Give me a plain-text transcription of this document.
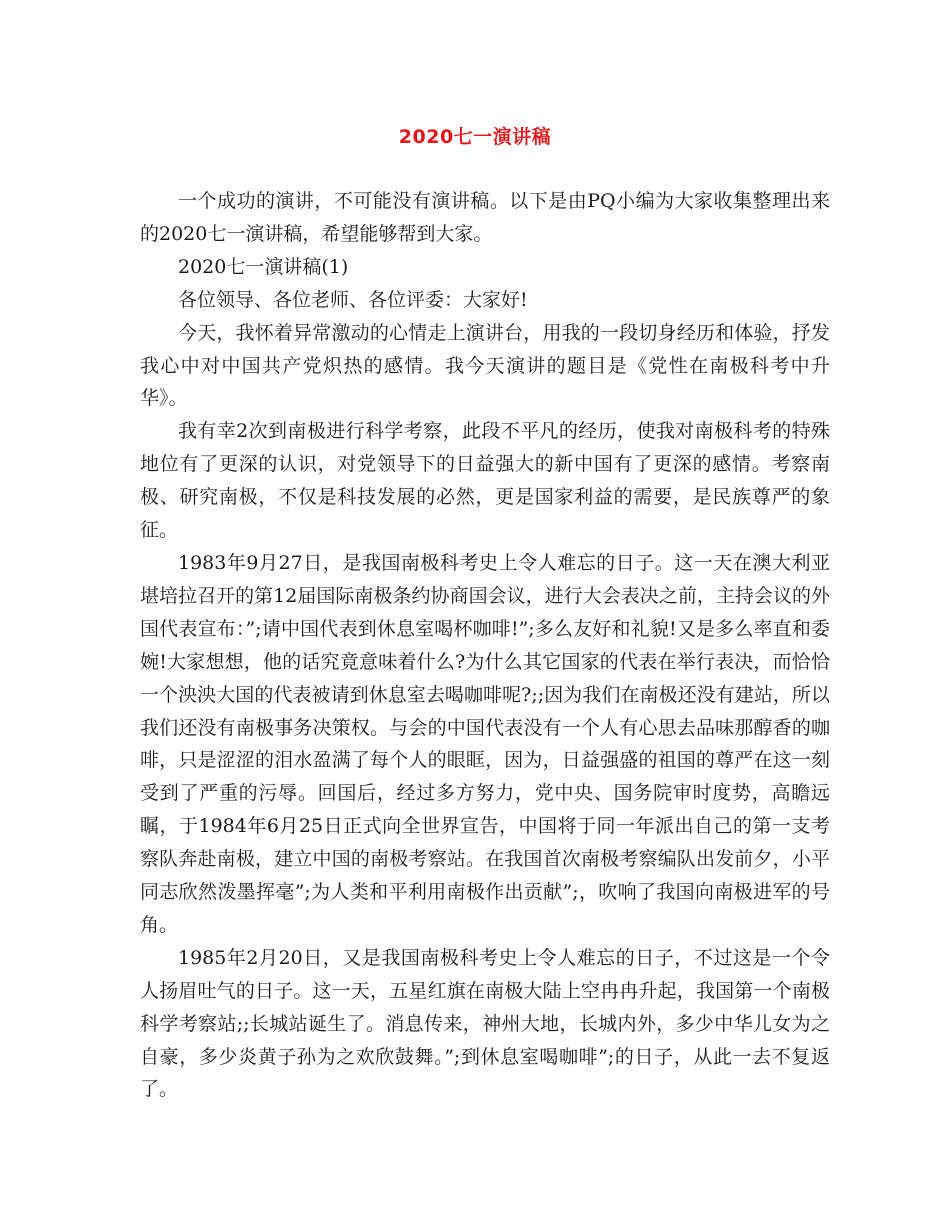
2020七一演讲稿

一个成功的演讲，不可能没有演讲稿。以下是由PQ小编为大家收集整理出来的2020七一演讲稿，希望能够帮到大家。

2020七一演讲稿(1)

各位领导、各位老师、各位评委：大家好!

今天，我怀着异常激动的心情走上演讲台，用我的一段切身经历和体验，抒发我心中对中国共产党炽热的感情。我今天演讲的题目是《党性在南极科考中升华》。

我有幸2次到南极进行科学考察，此段不平凡的经历，使我对南极科考的特殊地位有了更深的认识，对党领导下的日益强大的新中国有了更深的感情。考察南极、研究南极，不仅是科技发展的必然，更是国家利益的需要，是民族尊严的象征。

1983年9月27日，是我国南极科考史上令人难忘的日子。这一天在澳大利亚堪培拉召开的第12届国际南极条约协商国会议，进行大会表决之前，主持会议的外国代表宣布：”;请中国代表到休息室喝杯咖啡!”;多么友好和礼貌!又是多么率直和委婉!大家想想，他的话究竟意味着什么?为什么其它国家的代表在举行表决，而恰恰一个泱泱大国的代表被请到休息室去喝咖啡呢?;;因为我们在南极还没有建站，所以我们还没有南极事务决策权。与会的中国代表没有一个人有心思去品味那醇香的咖啡，只是涩涩的泪水盈满了每个人的眼眶，因为，日益强盛的祖国的尊严在这一刻受到了严重的污辱。回国后，经过多方努力，党中央、国务院审时度势，高瞻远瞩，于1984年6月25日正式向全世界宣告，中国将于同一年派出自己的第一支考察队奔赴南极，建立中国的南极考察站。在我国首次南极考察编队出发前夕，小平同志欣然泼墨挥毫”;为人类和平利用南极作出贡献”;，吹响了我国向南极进军的号角。

1985年2月20日，又是我国南极科考史上令人难忘的日子，不过这是一个令人扬眉吐气的日子。这一天，五星红旗在南极大陆上空冉冉升起，我国第一个南极科学考察站;;长城站诞生了。消息传来，神州大地，长城内外，多少中华儿女为之自豪，多少炎黄子孙为之欢欣鼓舞。”;到休息室喝咖啡”;的日子，从此一去不复返了。
